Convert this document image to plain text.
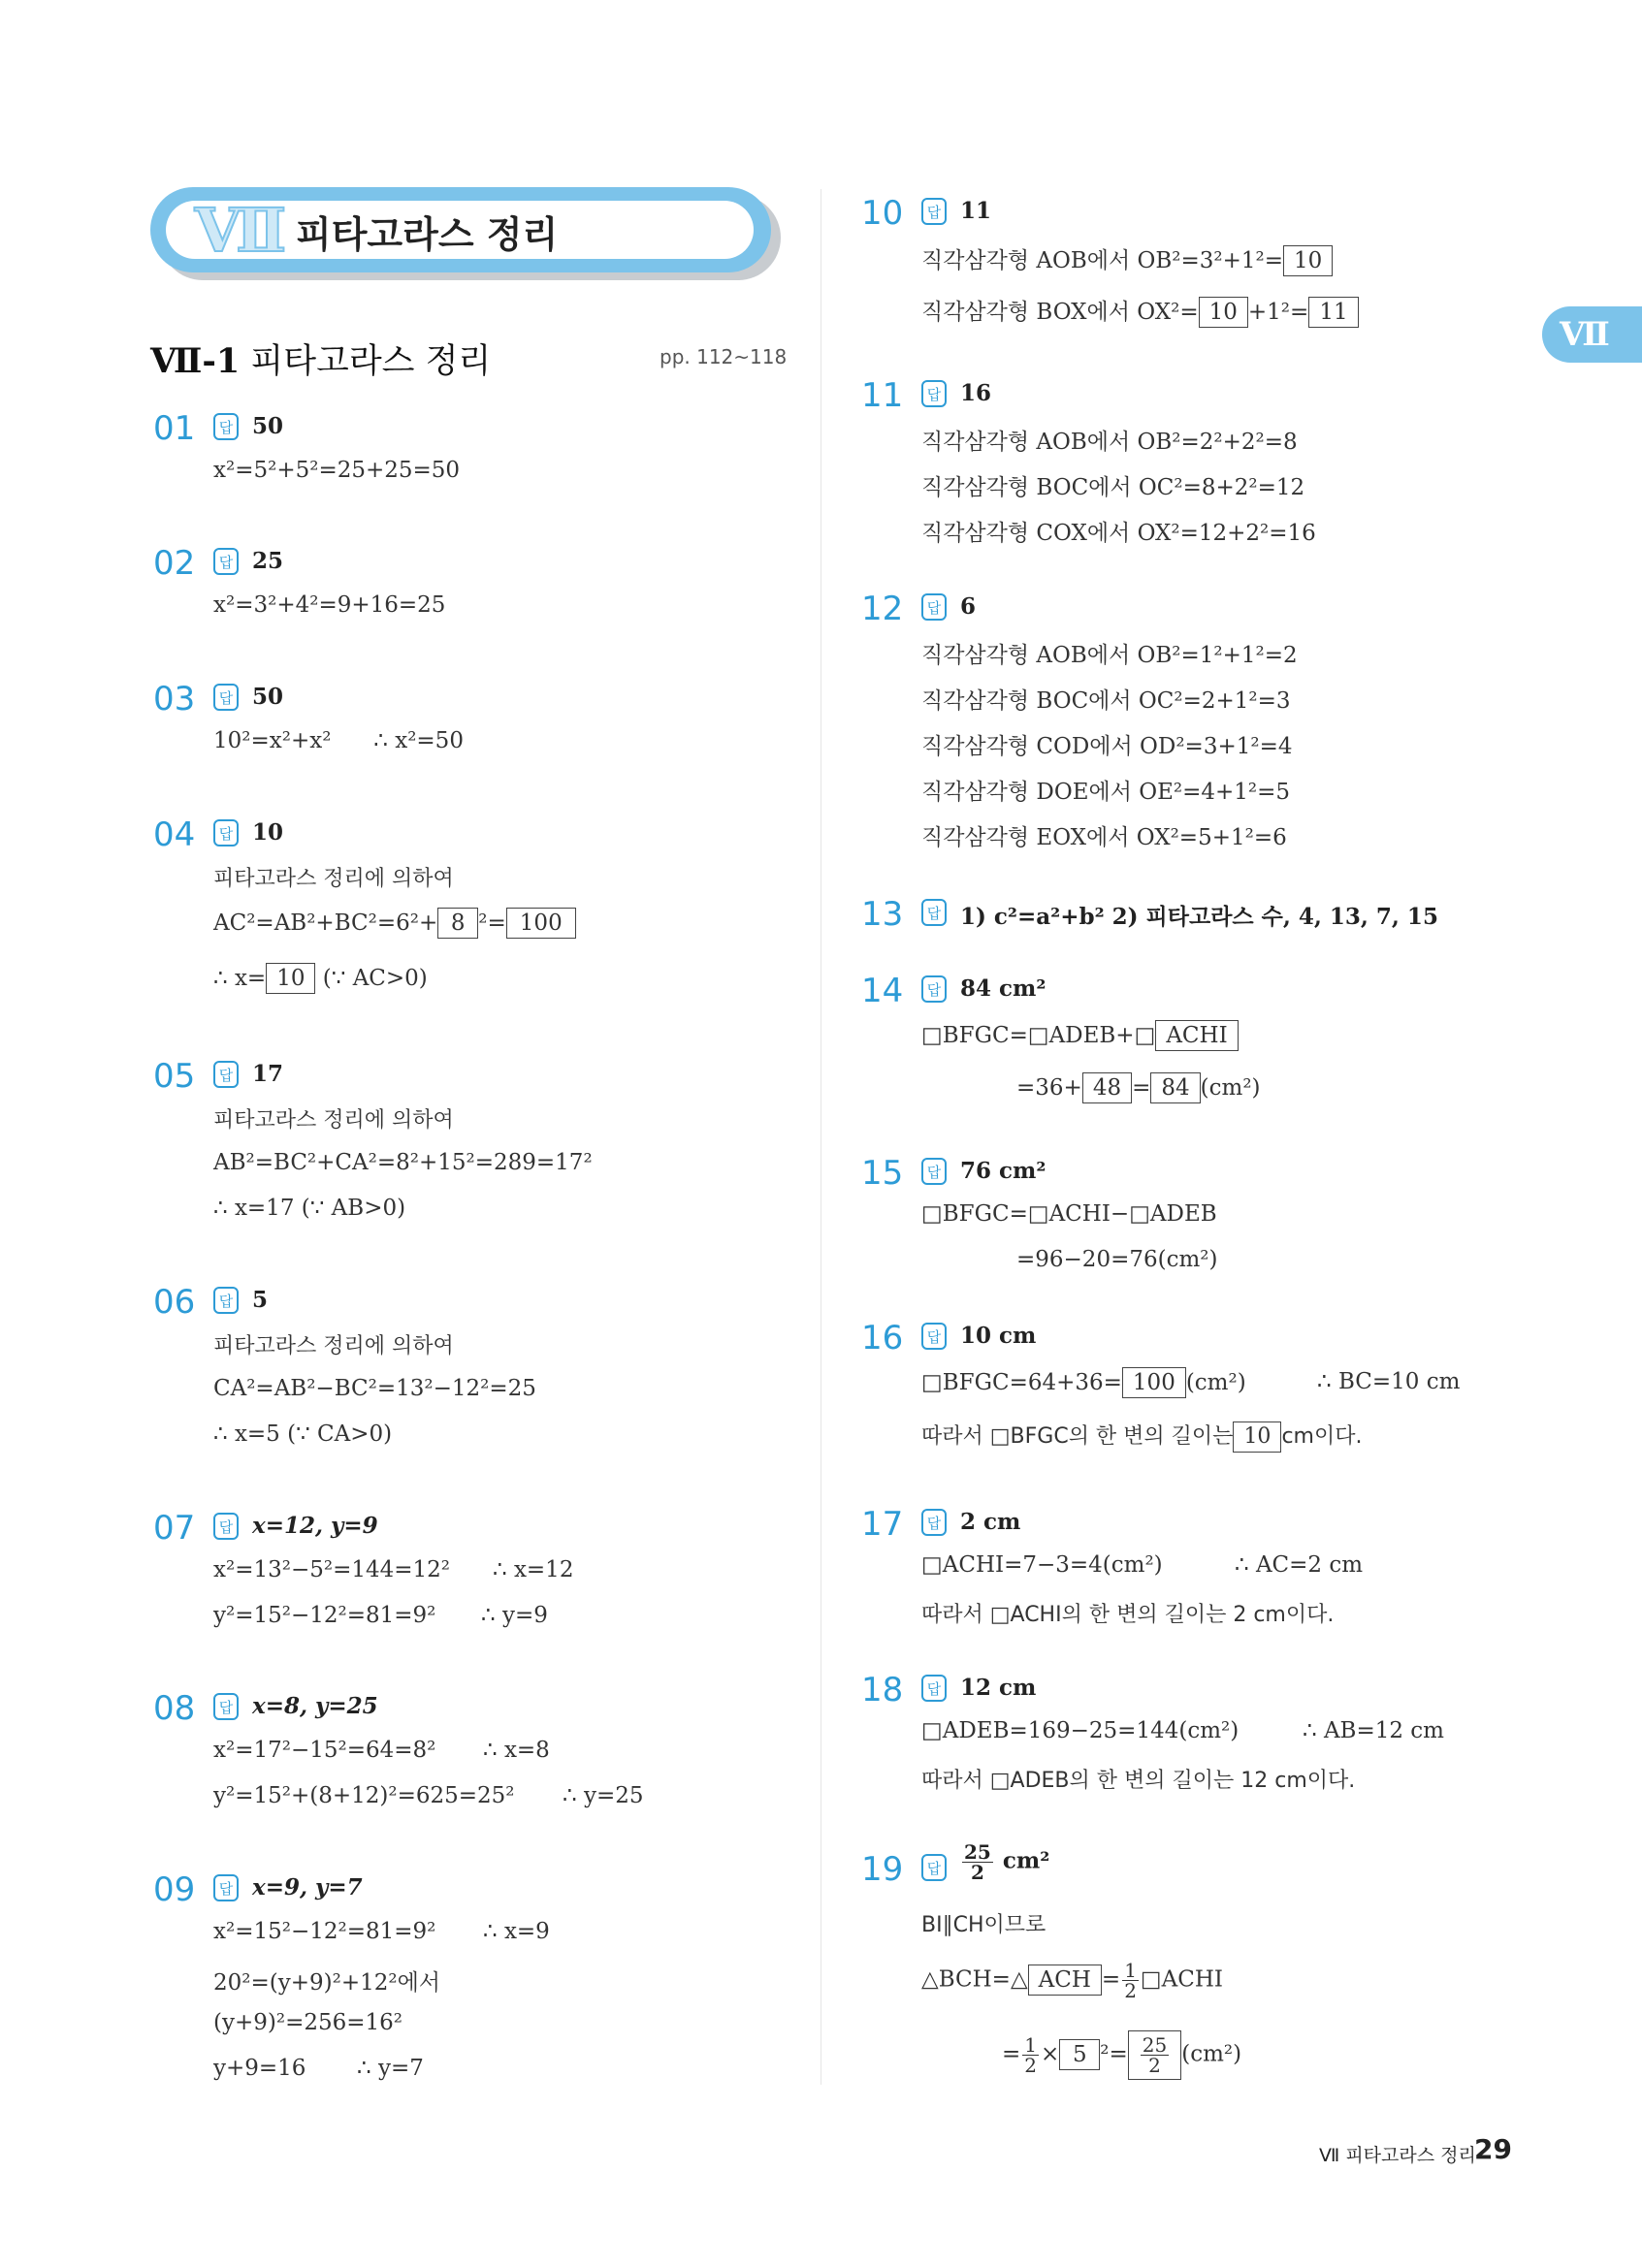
Ⅶ 피타고라스 정리
Ⅶ-1 피타고라스 정리	pp. 112~118
Ⅶ
01	답 50
x²=5²+5²=25+25=50
02	답 25
x²=3²+4²=9+16=25
03	답 50
10²=x²+x²      ∴ x²=50
04	답 10
피타고라스 정리에 의하여
AC²=AB²+BC²=6²+ 8 ²= 100
∴ x= 10 (∵ AC>0)
05	답 17
피타고라스 정리에 의하여
AB²=BC²+CA²=8²+15²=289=17²
∴ x=17 (∵ AB>0)
06	답 5
피타고라스 정리에 의하여
CA²=AB²−BC²=13²−12²=25
∴ x=5 (∵ CA>0)
07	답 x=12, y=9
x²=13²−5²=144=12² ∴ x=12
y²=15²−12²=81=9² ∴ y=9
08	답 x=8, y=25
x²=17²−15²=64=8² ∴ x=8
y²=15²+(8+12)²=625=25² ∴ y=25
09	답 x=9, y=7
x²=15²−12²=81=9² ∴ x=9
20²=(y+9)²+12²에서
(y+9)²=256=16²
y+9=16 ∴ y=7
10	답 11
직각삼각형 AOB에서 OB²=3²+1²= 10
직각삼각형 BOX에서 OX²= 10 +1²= 11
11	답 16
직각삼각형 AOB에서 OB²=2²+2²=8
직각삼각형 BOC에서 OC²=8+2²=12
직각삼각형 COX에서 OX²=12+2²=16
12	답 6
직각삼각형 AOB에서 OB²=1²+1²=2
직각삼각형 BOC에서 OC²=2+1²=3
직각삼각형 COD에서 OD²=3+1²=4
직각삼각형 DOE에서 OE²=4+1²=5
직각삼각형 EOX에서 OX²=5+1²=6
13	답 1) c²=a²+b² 2) 피타고라스 수, 4, 13, 7, 15
14	답 84 cm²
□BFGC=□ADEB+□ ACHI
=36+ 48 = 84 (cm²)
15	답 76 cm²
□BFGC=□ACHI−□ADEB
=96−20=76(cm²)
16	답 10 cm
□BFGC=64+36= 100 (cm²)	∴ BC=10 cm
따라서 □BFGC의 한 변의 길이는 10 cm이다.
17	답 2 cm
□ACHI=7−3=4(cm²)	∴ AC=2 cm
따라서 □ACHI의 한 변의 길이는 2 cm이다.
18	답 12 cm
□ADEB=169−25=144(cm²)	∴ AB=12 cm
따라서 □ADEB의 한 변의 길이는 12 cm이다.
19	답 $\frac{25}{2} cm^2$
BI∥CH이므로
△BCH=△ ACH = $\frac{1}{2}$ □ACHI
= $\frac{1}{2} \times 5$ $^2= \frac{25}{2} (cm^2)$
Ⅶ 피타고라스 정리
29
